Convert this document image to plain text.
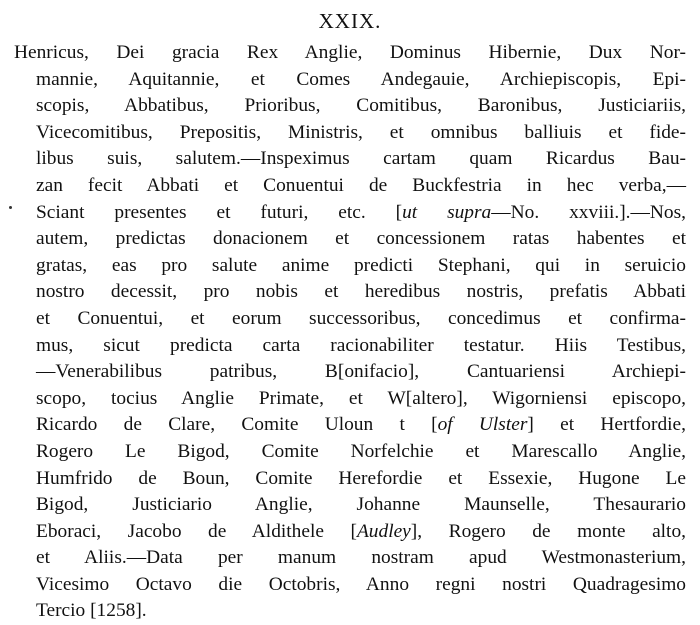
XXIX.
Henricus, Dei gracia Rex Anglie, Dominus Hibernie, Dux Nor-
mannie, Aquitannie, et Comes Andegauie, Archiepiscopis, Epi-
scopis, Abbatibus, Prioribus, Comitibus, Baronibus, Justiciariis,
Vicecomitibus, Prepositis, Ministris, et omnibus balliuis et fide-
libus suis, salutem.—Inspeximus cartam quam Ricardus Bau-
zan fecit Abbati et Conuentui de Buckfestria in hec verba,—
Sciant presentes et futuri, etc. [ut supra—No. xxviii.].—Nos,
autem, predictas donacionem et concessionem ratas habentes et
gratas, eas pro salute anime predicti Stephani, qui in seruicio
nostro decessit, pro nobis et heredibus nostris, prefatis Abbati
et Conuentui, et eorum successoribus, concedimus et confirma-
mus, sicut predicta carta racionabiliter testatur. Hiis Testibus,
—Venerabilibus patribus, B[onifacio], Cantuariensi Archiepi-
scopo, tocius Anglie Primate, et W[altero], Wigorniensi episcopo,
Ricardo de Clare, Comite Uloun t [of Ulster] et Hertfordie,
Rogero Le Bigod, Comite Norfelchie et Marescallo Anglie,
Humfrido de Boun, Comite Herefordie et Essexie, Hugone Le
Bigod, Justiciario Anglie, Johanne Maunselle, Thesaurario
Eboraci, Jacobo de Aldithele [Audley], Rogero de monte alto,
et Aliis.—Data per manum nostram apud Westmonasterium,
Vicesimo Octavo die Octobris, Anno regni nostri Quadragesimo
Tercio [1258].
